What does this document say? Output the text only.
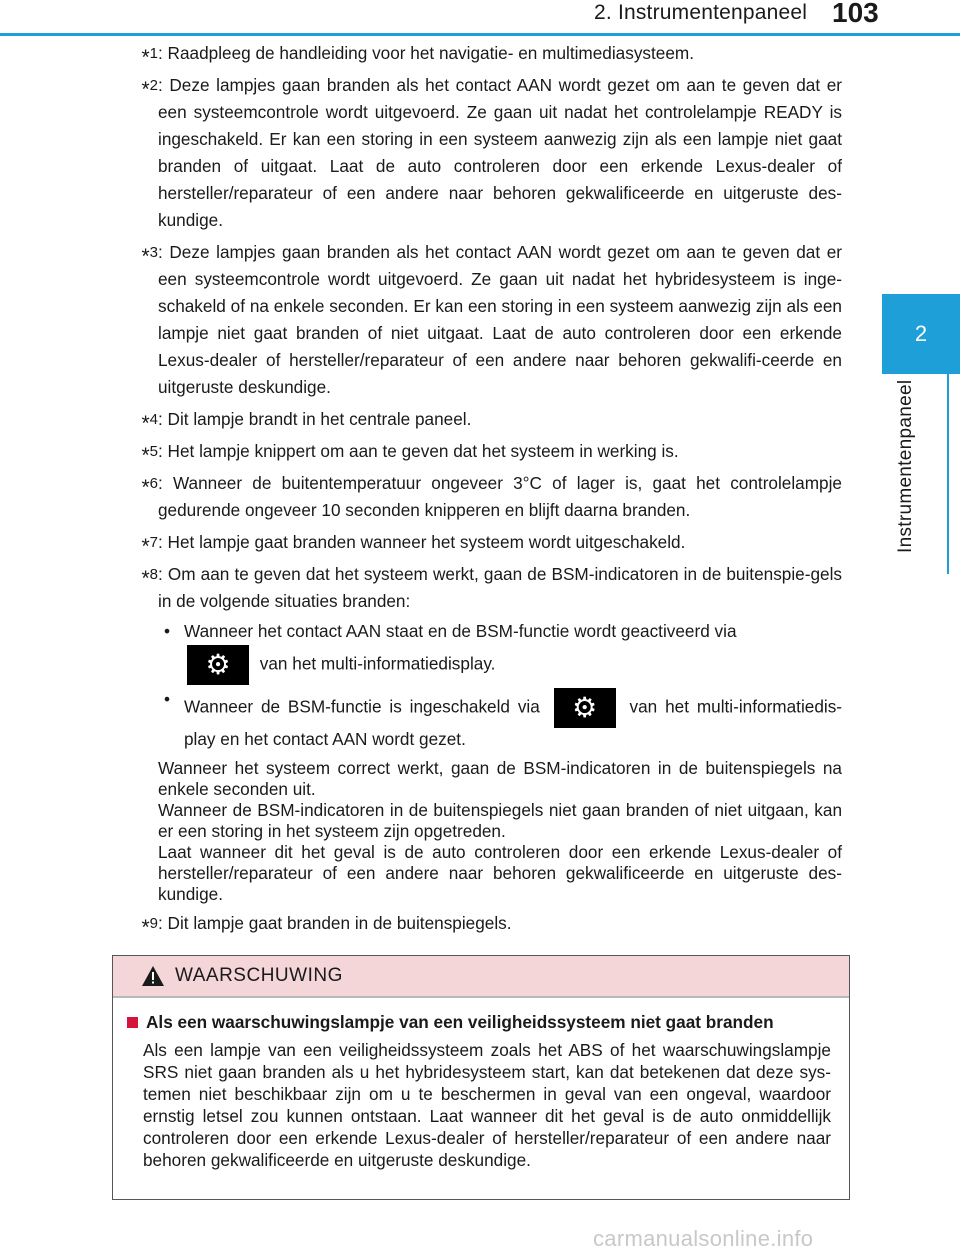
2. Instrumentenpaneel 103
2
Instrumentenpaneel
*$^1$ : Raadpleeg de handleiding voor het navigatie- en multimediasysteem.
*$^2$ : Deze lampjes gaan branden als het contact AAN wordt gezet om aan te geven dat er een systeemcontrole wordt uitgevoerd. Ze gaan uit nadat het controlelampje READY is ingeschakeld. Er kan een storing in een systeem aanwezig zijn als een lampje niet gaat branden of uitgaat. Laat de auto controleren door een erkende Lexus-dealer of hersteller/reparateur of een andere naar behoren gekwalificeerde en uitgeruste des-kundige.
*$^3$ : Deze lampjes gaan branden als het contact AAN wordt gezet om aan te geven dat er een systeemcontrole wordt uitgevoerd. Ze gaan uit nadat het hybridesysteem is inge-schakeld of na enkele seconden. Er kan een storing in een systeem aanwezig zijn als een lampje niet gaat branden of niet uitgaat. Laat de auto controleren door een erkende Lexus-dealer of hersteller/reparateur of een andere naar behoren gekwalifi-ceerde en uitgeruste deskundige.
*$^4$ : Dit lampje brandt in het centrale paneel.
*$^5$ : Het lampje knippert om aan te geven dat het systeem in werking is.
*$^6$ : Wanneer de buitentemperatuur ongeveer 3°C of lager is, gaat het controlelampje gedurende ongeveer 10 seconden knipperen en blijft daarna branden.
*$^7$ : Het lampje gaat branden wanneer het systeem wordt uitgeschakeld.
*$^8$ : Om aan te geven dat het systeem werkt, gaan de BSM-indicatoren in de buitenspie-gels in de volgende situaties branden:
• Wanneer het contact AAN staat en de BSM-functie wordt geactiveerd via
⚙ van het multi-informatiedisplay.
• Wanneer de BSM-functie is ingeschakeld via ⚙ van het multi-informatiedis-play en het contact AAN wordt gezet.
Wanneer het systeem correct werkt, gaan de BSM-indicatoren in de buitenspiegels na enkele seconden uit.
Wanneer de BSM-indicatoren in de buitenspiegels niet gaan branden of niet uitgaan, kan er een storing in het systeem zijn opgetreden.
Laat wanneer dit het geval is de auto controleren door een erkende Lexus-dealer of hersteller/reparateur of een andere naar behoren gekwalificeerde en uitgeruste des-kundige.
*$^9$ : Dit lampje gaat branden in de buitenspiegels.
WAARSCHUWING
Als een waarschuwingslampje van een veiligheidssysteem niet gaat branden
Als een lampje van een veiligheidssysteem zoals het ABS of het waarschuwingslampje SRS niet gaan branden als u het hybridesysteem start, kan dat betekenen dat deze sys-temen niet beschikbaar zijn om u te beschermen in geval van een ongeval, waardoor ernstig letsel zou kunnen ontstaan. Laat wanneer dit het geval is de auto onmiddellijk controleren door een erkende Lexus-dealer of hersteller/reparateur of een andere naar behoren gekwalificeerde en uitgeruste deskundige.
carmanualsonline.info
